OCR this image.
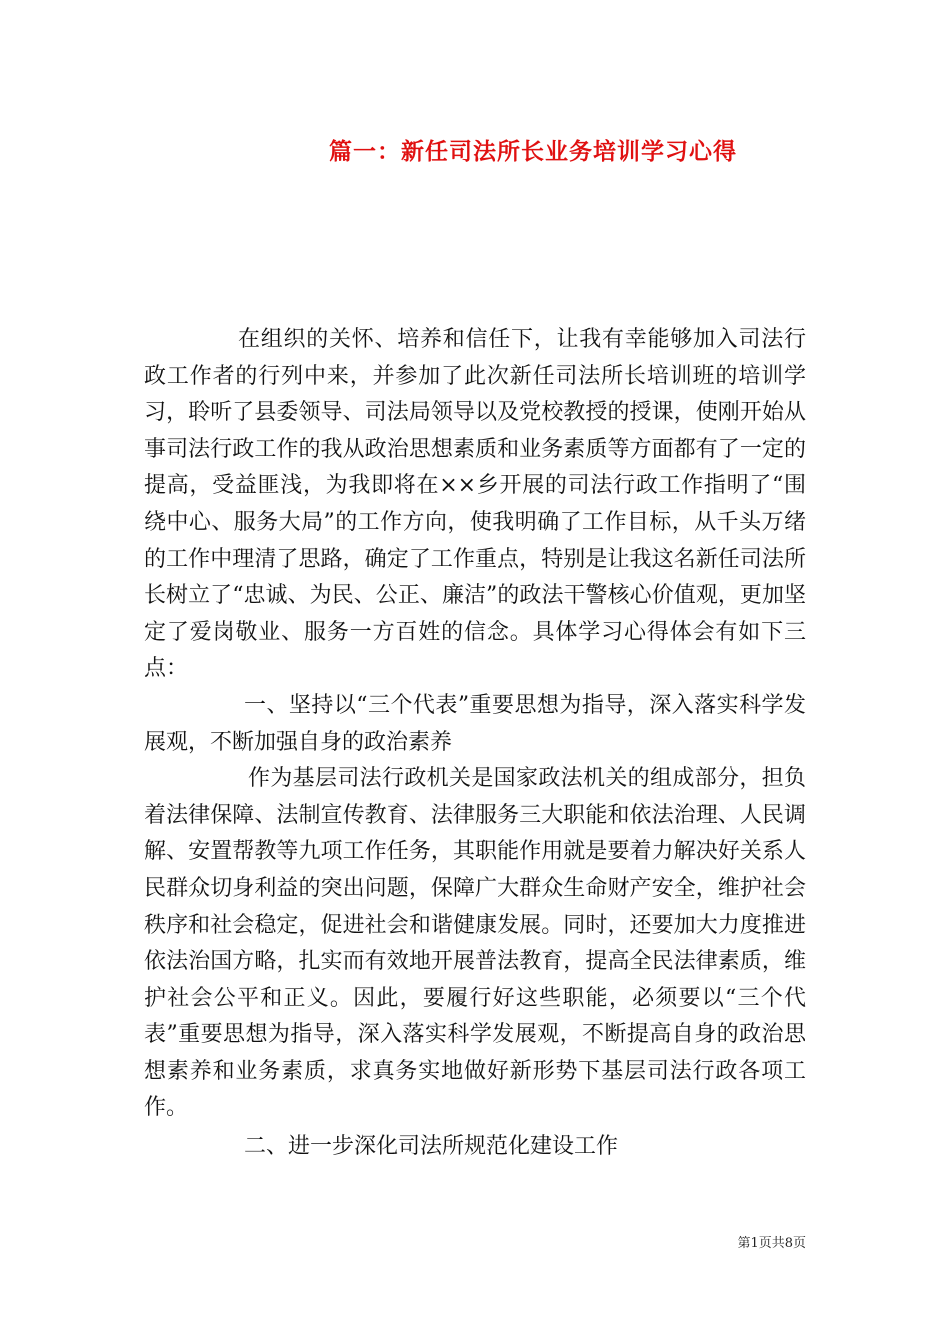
篇一：新任司法所长业务培训学习心得

在组织的关怀、培养和信任下，让我有幸能够加入司法行政工作者的行列中来，并参加了此次新任司法所长培训班的培训学习，聆听了县委领导、司法局领导以及党校教授的授课，使刚开始从事司法行政工作的我从政治思想素质和业务素质等方面都有了一定的提高，受益匪浅，为我即将在××乡开展的司法行政工作指明了“围绕中心、服务大局”的工作方向，使我明确了工作目标，从千头万绪的工作中理清了思路，确定了工作重点，特别是让我这名新任司法所长树立了“忠诚、为民、公正、廉洁”的政法干警核心价值观，更加坚定了爱岗敬业、服务一方百姓的信念。具体学习心得体会有如下三点：

一、坚持以“三个代表”重要思想为指导，深入落实科学发展观，不断加强自身的政治素养

作为基层司法行政机关是国家政法机关的组成部分，担负着法律保障、法制宣传教育、法律服务三大职能和依法治理、人民调解、安置帮教等九项工作任务，其职能作用就是要着力解决好关系人民群众切身利益的突出问题，保障广大群众生命财产安全，维护社会秩序和社会稳定，促进社会和谐健康发展。同时，还要加大力度推进依法治国方略，扎实而有效地开展普法教育，提高全民法律素质，维护社会公平和正义。因此，要履行好这些职能，必须要以“三个代表”重要思想为指导，深入落实科学发展观，不断提高自身的政治思想素养和业务素质，求真务实地做好新形势下基层司法行政各项工作。

二、进一步深化司法所规范化建设工作

第1页共8页
